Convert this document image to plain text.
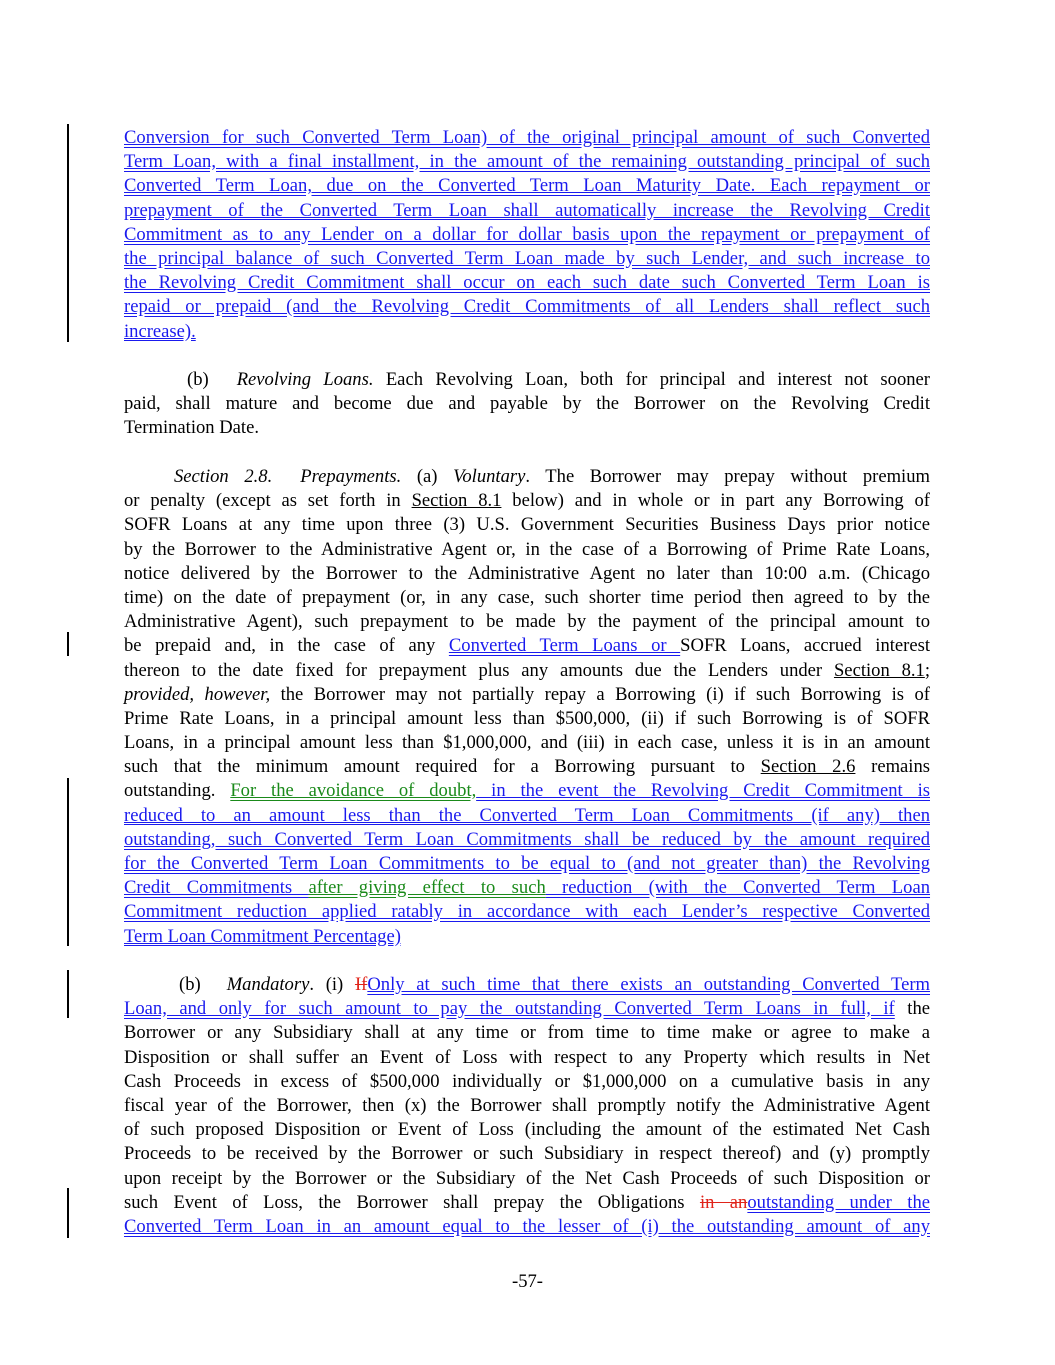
Conversion for such Converted Term Loan) of the original principal amount of such Converted
Term Loan, with a final installment, in the amount of the remaining outstanding principal of such
Converted Term Loan, due on the Converted Term Loan Maturity Date. Each repayment or
prepayment of the Converted Term Loan shall automatically increase the Revolving Credit
Commitment as to any Lender on a dollar for dollar basis upon the repayment or prepayment of
the principal balance of such Converted Term Loan made by such Lender, and such increase to
the Revolving Credit Commitment shall occur on each such date such Converted Term Loan is
repaid or prepaid (and the Revolving Credit Commitments of all Lenders shall reflect such
increase).
(b) Revolving Loans. Each Revolving Loan, both for principal and interest not sooner
paid, shall mature and become due and payable by the Borrower on the Revolving Credit
Termination Date.
Section 2.8. Prepayments. (a) Voluntary. The Borrower may prepay without premium
or penalty (except as set forth in Section 8.1 below) and in whole or in part any Borrowing of
SOFR Loans at any time upon three (3) U.S. Government Securities Business Days prior notice
by the Borrower to the Administrative Agent or, in the case of a Borrowing of Prime Rate Loans,
notice delivered by the Borrower to the Administrative Agent no later than 10:00 a.m. (Chicago
time) on the date of prepayment (or, in any case, such shorter time period then agreed to by the
Administrative Agent), such prepayment to be made by the payment of the principal amount to
be prepaid and, in the case of any Converted Term Loans or SOFR Loans, accrued interest
thereon to the date fixed for prepayment plus any amounts due the Lenders under Section 8.1;
provided, however, the Borrower may not partially repay a Borrowing (i) if such Borrowing is of
Prime Rate Loans, in a principal amount less than $500,000, (ii) if such Borrowing is of SOFR
Loans, in a principal amount less than $1,000,000, and (iii) in each case, unless it is in an amount
such that the minimum amount required for a Borrowing pursuant to Section 2.6 remains
outstanding. For the avoidance of doubt, in the event the Revolving Credit Commitment is
reduced to an amount less than the Converted Term Loan Commitments (if any) then
outstanding, such Converted Term Loan Commitments shall be reduced by the amount required
for the Converted Term Loan Commitments to be equal to (and not greater than) the Revolving
Credit Commitments after giving effect to such reduction (with the Converted Term Loan
Commitment reduction applied ratably in accordance with each Lender’s respective Converted
Term Loan Commitment Percentage)
(b) Mandatory. (i) IfOnly at such time that there exists an outstanding Converted Term
Loan, and only for such amount to pay the outstanding Converted Term Loans in full, if the
Borrower or any Subsidiary shall at any time or from time to time make or agree to make a
Disposition or shall suffer an Event of Loss with respect to any Property which results in Net
Cash Proceeds in excess of $500,000 individually or $1,000,000 on a cumulative basis in any
fiscal year of the Borrower, then (x) the Borrower shall promptly notify the Administrative Agent
of such proposed Disposition or Event of Loss (including the amount of the estimated Net Cash
Proceeds to be received by the Borrower or such Subsidiary in respect thereof) and (y) promptly
upon receipt by the Borrower or the Subsidiary of the Net Cash Proceeds of such Disposition or
such Event of Loss, the Borrower shall prepay the Obligations in anoutstanding under the
Converted Term Loan in an amount equal to the lesser of (i) the outstanding amount of any
-57-
